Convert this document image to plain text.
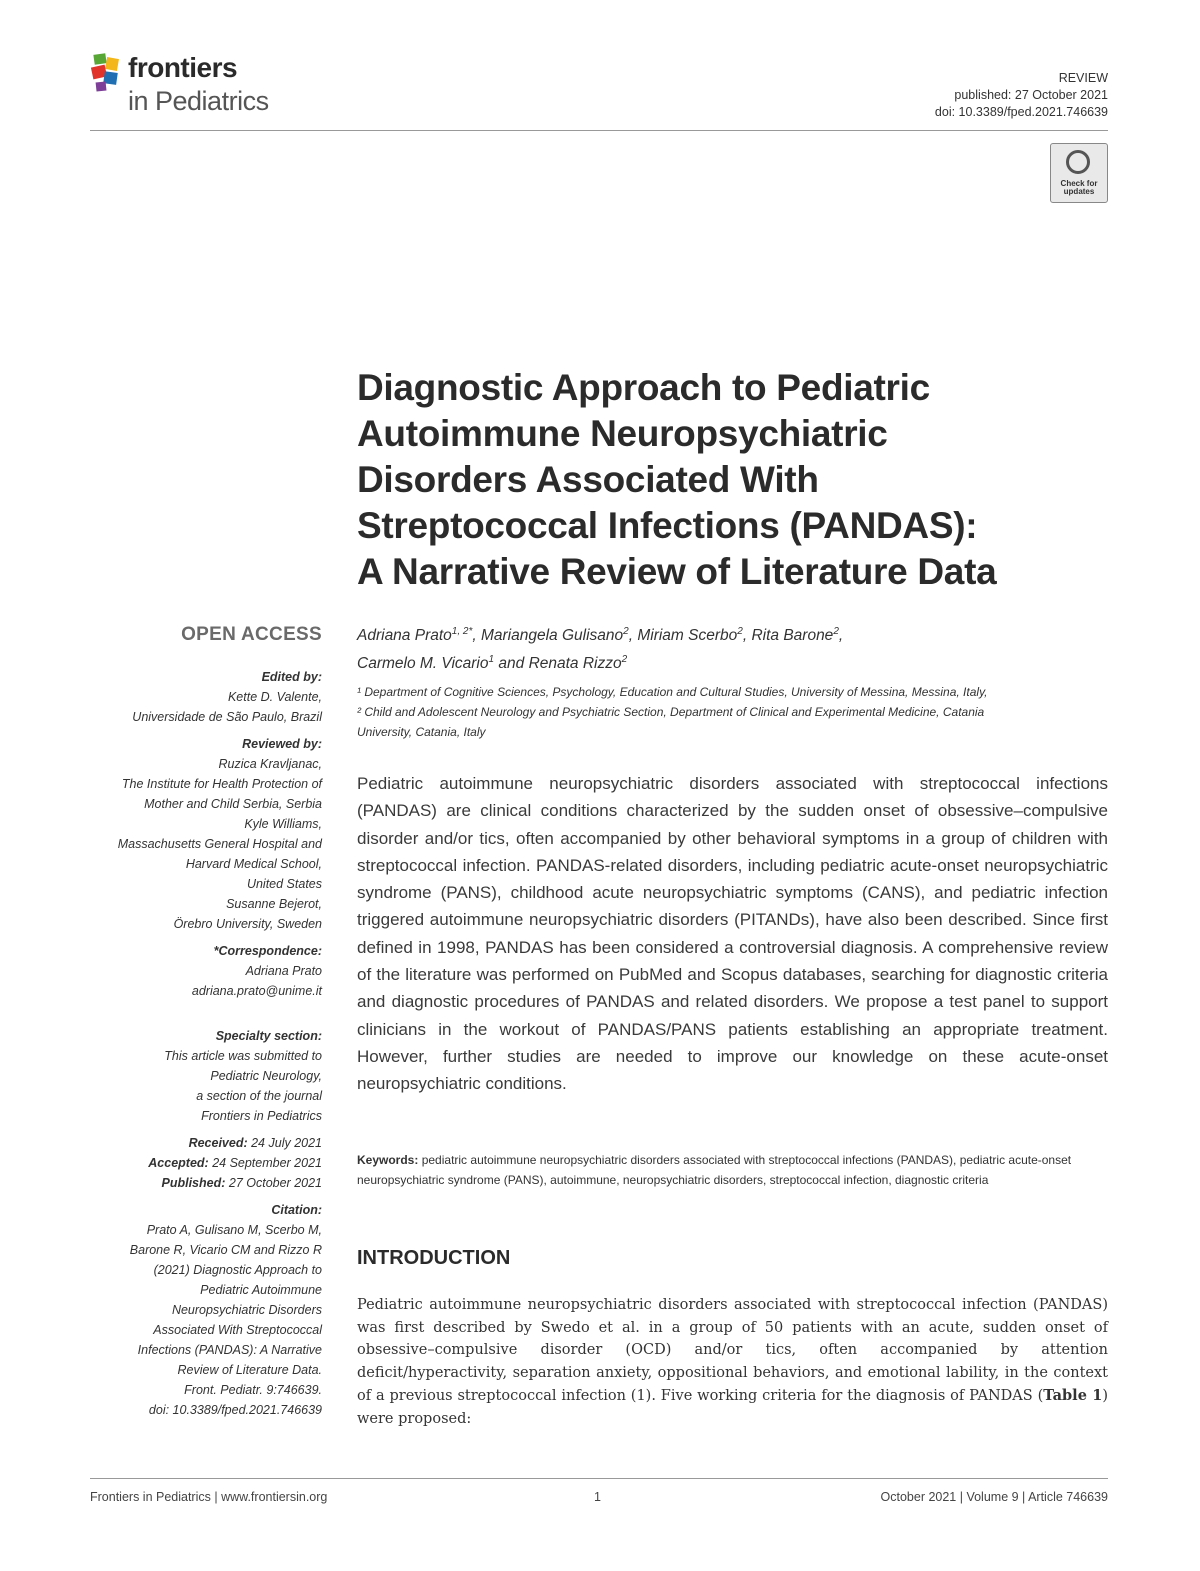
frontiers
in Pediatrics
REVIEW
published: 27 October 2021
doi: 10.3389/fped.2021.746639
Check for updates
Diagnostic Approach to Pediatric
Autoimmune Neuropsychiatric
Disorders Associated With
Streptococcal Infections (PANDAS):
A Narrative Review of Literature Data
Adriana Prato$^{1, 2*}$, Mariangela Gulisano$^2$, Miriam Scerbo$^2$, Rita Barone$^2$,
Carmelo M. Vicario$^1$ and Renata Rizzo$^2$
¹ Department of Cognitive Sciences, Psychology, Education and Cultural Studies, University of Messina, Messina, Italy,
² Child and Adolescent Neurology and Psychiatric Section, Department of Clinical and Experimental Medicine, Catania
University, Catania, Italy
Pediatric autoimmune neuropsychiatric disorders associated with streptococcal infections (PANDAS) are clinical conditions characterized by the sudden onset of obsessive–compulsive disorder and/or tics, often accompanied by other behavioral symptoms in a group of children with streptococcal infection. PANDAS-related disorders, including pediatric acute-onset neuropsychiatric syndrome (PANS), childhood acute neuropsychiatric symptoms (CANS), and pediatric infection triggered autoimmune neuropsychiatric disorders (PITANDs), have also been described. Since first defined in 1998, PANDAS has been considered a controversial diagnosis. A comprehensive review of the literature was performed on PubMed and Scopus databases, searching for diagnostic criteria and diagnostic procedures of PANDAS and related disorders. We propose a test panel to support clinicians in the workout of PANDAS/PANS patients establishing an appropriate treatment. However, further studies are needed to improve our knowledge on these acute-onset neuropsychiatric conditions.
Keywords: pediatric autoimmune neuropsychiatric disorders associated with streptococcal infections (PANDAS), pediatric acute-onset neuropsychiatric syndrome (PANS), autoimmune, neuropsychiatric disorders, streptococcal infection, diagnostic criteria
INTRODUCTION
Pediatric autoimmune neuropsychiatric disorders associated with streptococcal infection (PANDAS) was first described by Swedo et al. in a group of 50 patients with an acute, sudden onset of obsessive–compulsive disorder (OCD) and/or tics, often accompanied by attention deficit/hyperactivity, separation anxiety, oppositional behaviors, and emotional lability, in the context of a previous streptococcal infection (1). Five working criteria for the diagnosis of PANDAS (Table 1) were proposed:
OPEN ACCESS
Edited by:
Kette D. Valente,
Universidade de São Paulo, Brazil
Reviewed by:
Ruzica Kravljanac,
The Institute for Health Protection of
Mother and Child Serbia, Serbia
Kyle Williams,
Massachusetts General Hospital and
Harvard Medical School,
United States
Susanne Bejerot,
Örebro University, Sweden
*Correspondence:
Adriana Prato
adriana.prato@unime.it
Specialty section:
This article was submitted to
Pediatric Neurology,
a section of the journal
Frontiers in Pediatrics
Received: 24 July 2021
Accepted: 24 September 2021
Published: 27 October 2021
Citation:
Prato A, Gulisano M, Scerbo M,
Barone R, Vicario CM and Rizzo R
(2021) Diagnostic Approach to
Pediatric Autoimmune
Neuropsychiatric Disorders
Associated With Streptococcal
Infections (PANDAS): A Narrative
Review of Literature Data.
Front. Pediatr. 9:746639.
doi: 10.3389/fped.2021.746639
Frontiers in Pediatrics | www.frontiersin.org	1	October 2021 | Volume 9 | Article 746639
